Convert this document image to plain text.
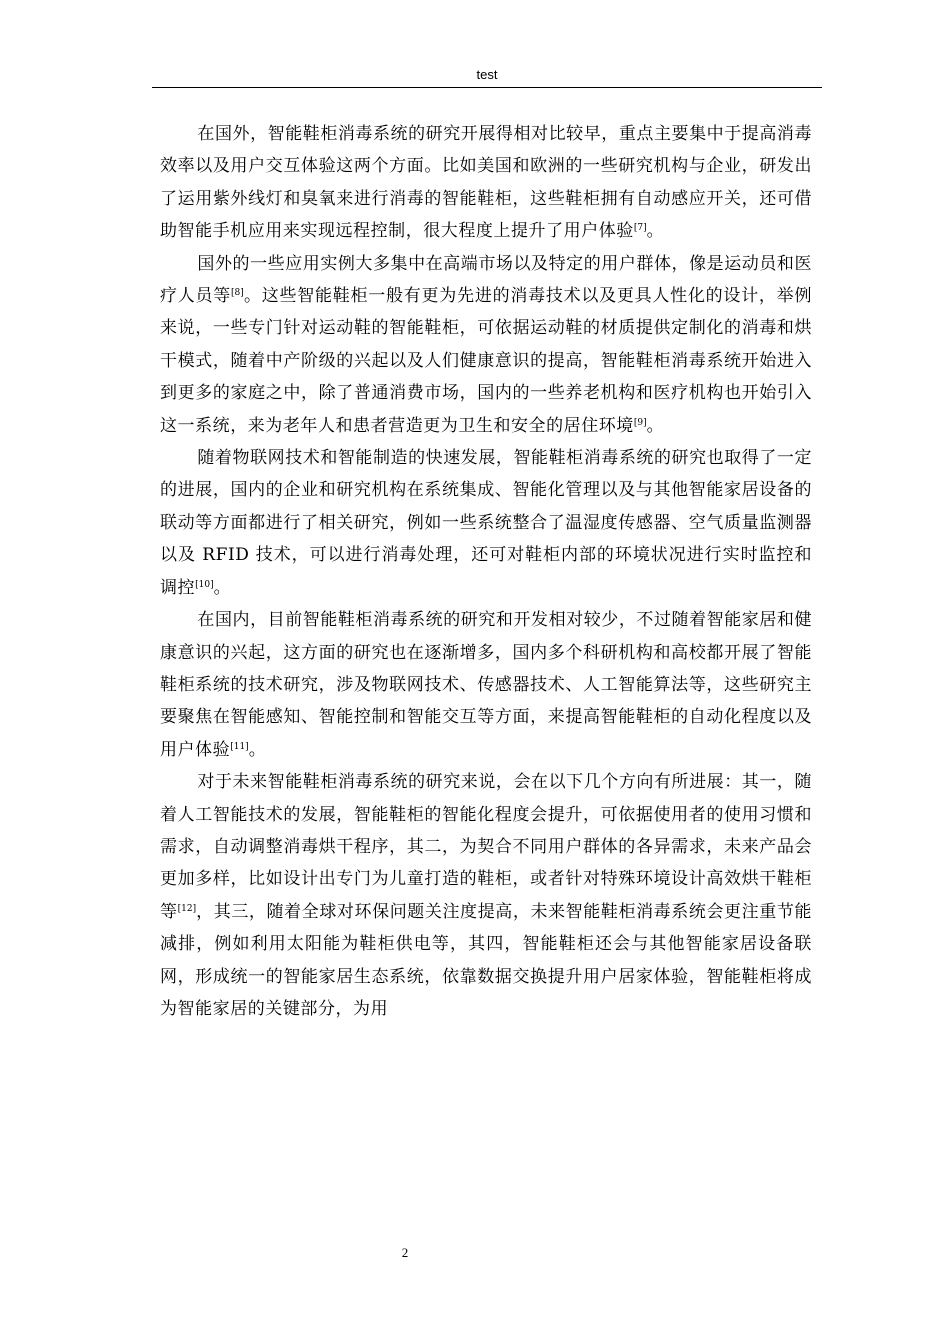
test

在国外，智能鞋柜消毒系统的研究开展得相对比较早，重点主要集中于提高消毒效率以及用户交互体验这两个方面。比如美国和欧洲的一些研究机构与企业，研发出了运用紫外线灯和臭氧来进行消毒的智能鞋柜，这些鞋柜拥有自动感应开关，还可借助智能手机应用来实现远程控制，很大程度上提升了用户体验[7]。

国外的一些应用实例大多集中在高端市场以及特定的用户群体，像是运动员和医疗人员等[8]。这些智能鞋柜一般有更为先进的消毒技术以及更具人性化的设计，举例来说，一些专门针对运动鞋的智能鞋柜，可依据运动鞋的材质提供定制化的消毒和烘干模式，随着中产阶级的兴起以及人们健康意识的提高，智能鞋柜消毒系统开始进入到更多的家庭之中，除了普通消费市场，国内的一些养老机构和医疗机构也开始引入这一系统，来为老年人和患者营造更为卫生和安全的居住环境[9]。

随着物联网技术和智能制造的快速发展，智能鞋柜消毒系统的研究也取得了一定的进展，国内的企业和研究机构在系统集成、智能化管理以及与其他智能家居设备的联动等方面都进行了相关研究，例如一些系统整合了温湿度传感器、空气质量监测器以及 RFID 技术，可以进行消毒处理，还可对鞋柜内部的环境状况进行实时监控和调控[10]。

在国内，目前智能鞋柜消毒系统的研究和开发相对较少，不过随着智能家居和健康意识的兴起，这方面的研究也在逐渐增多，国内多个科研机构和高校都开展了智能鞋柜系统的技术研究，涉及物联网技术、传感器技术、人工智能算法等，这些研究主要聚焦在智能感知、智能控制和智能交互等方面，来提高智能鞋柜的自动化程度以及用户体验[11]。

对于未来智能鞋柜消毒系统的研究来说，会在以下几个方向有所进展：其一，随着人工智能技术的发展，智能鞋柜的智能化程度会提升，可依据使用者的使用习惯和需求，自动调整消毒烘干程序，其二，为契合不同用户群体的各异需求，未来产品会更加多样，比如设计出专门为儿童打造的鞋柜，或者针对特殊环境设计高效烘干鞋柜等[12]，其三，随着全球对环保问题关注度提高，未来智能鞋柜消毒系统会更注重节能减排，例如利用太阳能为鞋柜供电等，其四，智能鞋柜还会与其他智能家居设备联网，形成统一的智能家居生态系统，依靠数据交换提升用户居家体验，智能鞋柜将成为智能家居的关键部分，为用

2
